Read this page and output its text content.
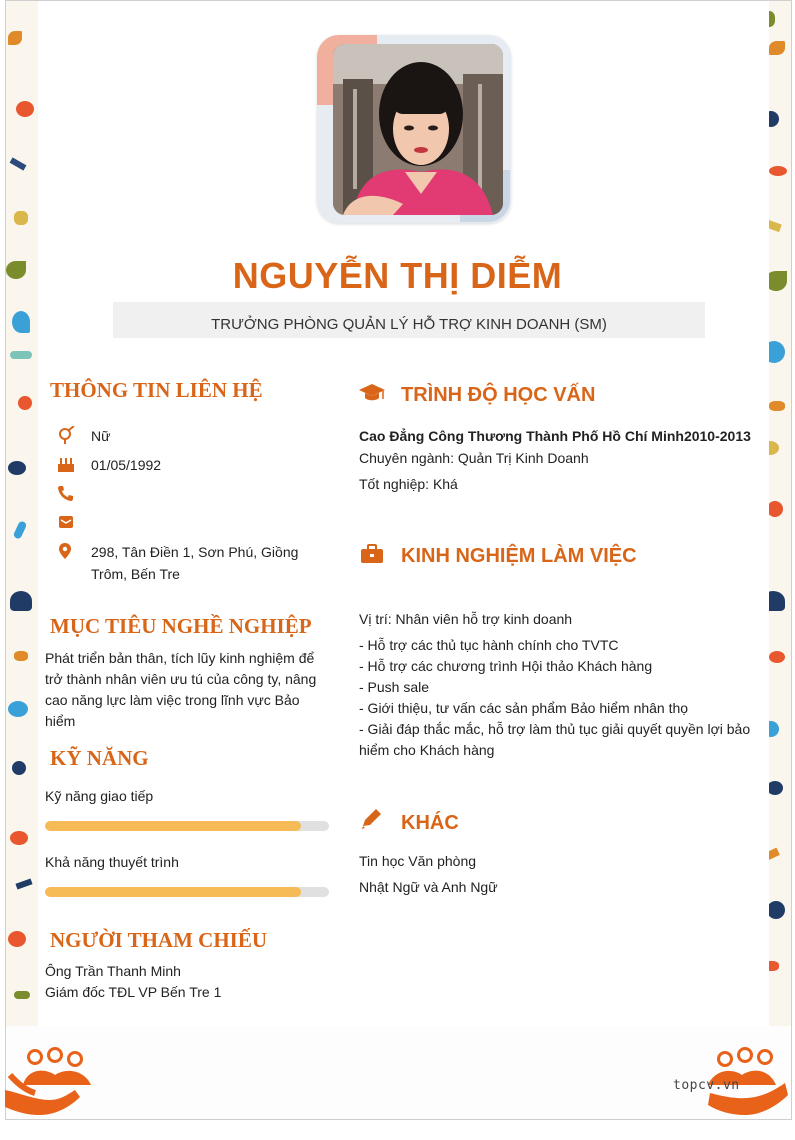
NGUYỄN THỊ DIỄM
TRƯỞNG PHÒNG QUẢN LÝ HỖ TRỢ KINH DOANH (SM)
THÔNG TIN LIÊN HỆ
Nữ
01/05/1992
298, Tân Điền 1, Sơn Phú, Giồng
Trôm, Bến Tre
MỤC TIÊU NGHỀ NGHIỆP
Phát triển bản thân, tích lũy kinh nghiệm để
trở thành nhân viên ưu tú của công ty, nâng
cao năng lực làm việc trong lĩnh vực Bảo
hiểm
KỸ NĂNG
Kỹ năng giao tiếp
Khả năng thuyết trình
NGƯỜI THAM CHIẾU
Ông Trần Thanh Minh
Giám đốc TĐL VP Bến Tre 1
TRÌNH ĐỘ HỌC VẤN
Cao Đẳng Công Thương Thành Phố Hồ Chí Minh2010-2013
Chuyên ngành: Quản Trị Kinh Doanh
Tốt nghiệp: Khá
KINH NGHIỆM LÀM VIỆC
Vị trí: Nhân viên hỗ trợ kinh doanh
- Hỗ trợ các thủ tục hành chính cho TVTC
- Hỗ trợ các chương trình Hội thảo Khách hàng
- Push sale
- Giới thiệu, tư vấn các sản phẩm Bảo hiểm nhân thọ
- Giải đáp thắc mắc, hỗ trợ làm thủ tục giải quyết quyền lợi bảo
hiểm cho Khách hàng
KHÁC
Tin học Văn phòng
Nhật Ngữ và Anh Ngữ
topcv.vn
